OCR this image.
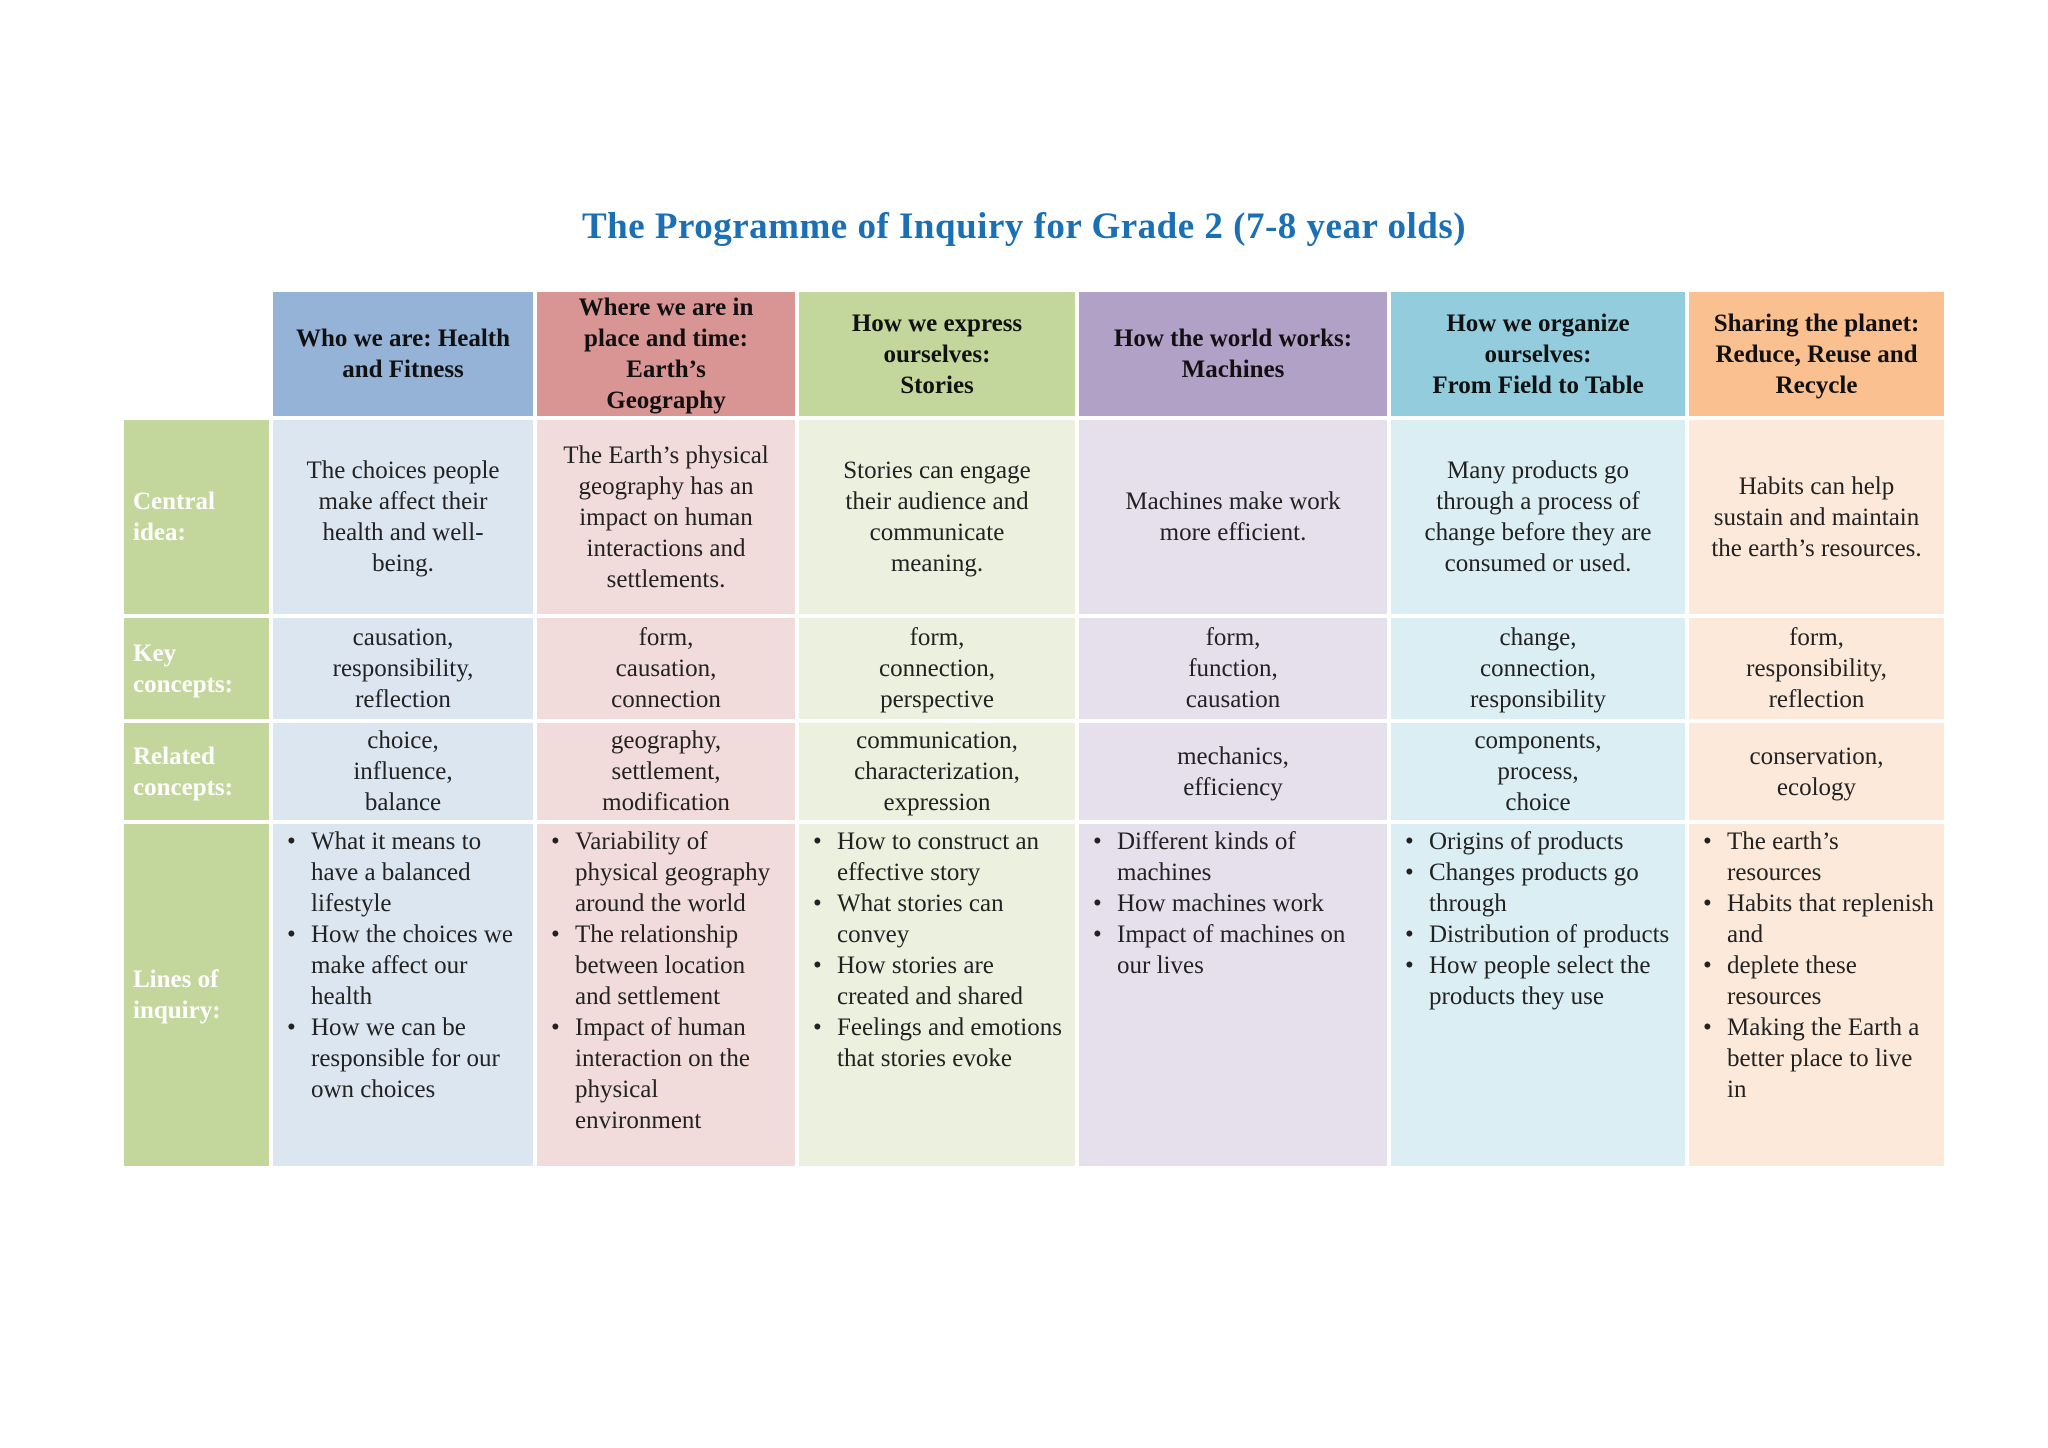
The Programme of Inquiry for Grade 2 (7-8 year olds)
Who we are: Health
and Fitness
Where we are in
place and time:
Earth’s
Geography
How we express
ourselves:
Stories
How the world works:
Machines
How we organize
ourselves:
From Field to Table
Sharing the planet:
Reduce, Reuse and
Recycle
Central
idea:
The choices people
make affect their
health and well-
being.
The Earth’s physical
geography has an
impact on human
interactions and
settlements.
Stories can engage
their audience and
communicate
meaning.
Machines make work
more efficient.
Many products go
through a process of
change before they are
consumed or used.
Habits can help
sustain and maintain
the earth’s resources.
Key
concepts:
causation,
responsibility,
reflection
form,
causation,
connection
form,
connection,
perspective
form,
function,
causation
change,
connection,
responsibility
form,
responsibility,
reflection
Related
concepts:
choice,
influence,
balance
geography,
settlement,
modification
communication,
characterization,
expression
mechanics,
efficiency
components,
process,
choice
conservation,
ecology
Lines of
inquiry:
• What it means to have a balanced lifestyle
• How the choices we make affect our health
• How we can be responsible for our own choices
• Variability of physical geography around the world
• The relationship between location and settlement
• Impact of human interaction on the physical environment
• How to construct an effective story
• What stories can convey
• How stories are created and shared
• Feelings and emotions that stories evoke
• Different kinds of machines
• How machines work
• Impact of machines on our lives
• Origins of products
• Changes products go through
• Distribution of products
• How people select the products they use
• The earth’s resources
• Habits that replenish and
• deplete these resources
• Making the Earth a better place to live in
